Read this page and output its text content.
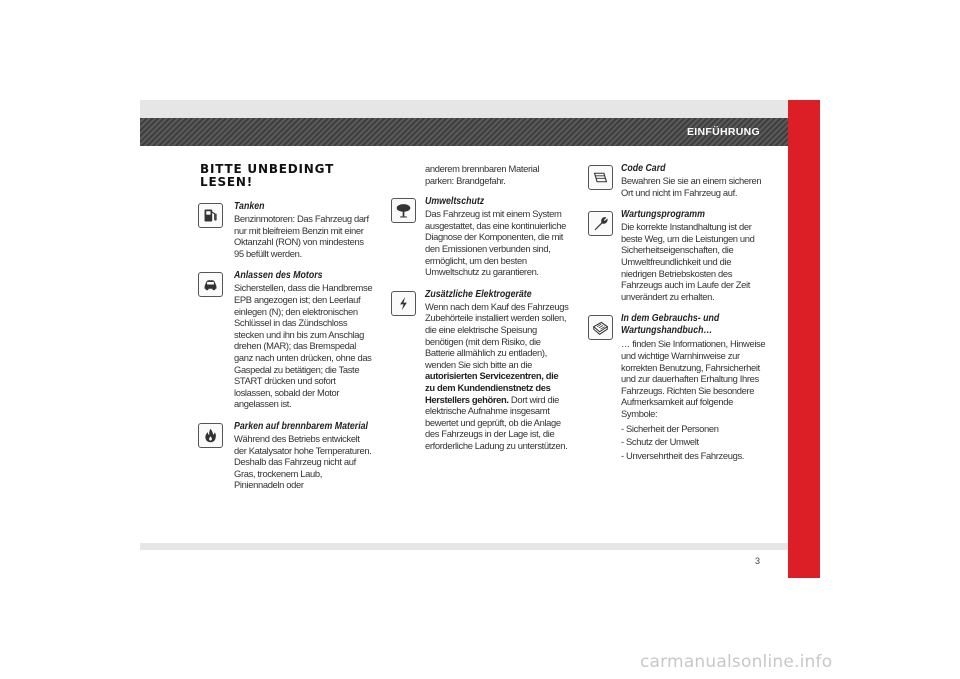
EINFÜHRUNG
3
carmanualsonline.info
BITTE UNBEDINGT
LESEN!
Tanken
Benzinmotoren: Das Fahrzeug darf nur mit bleifreiem Benzin mit einer Oktanzahl (RON) von mindestens 95 befüllt werden.
Anlassen des Motors
Sicherstellen, dass die Handbremse EPB angezogen ist; den Leerlauf einlegen (N); den elektronischen Schlüssel in das Zündschloss stecken und ihn bis zum Anschlag drehen (MAR); das Bremspedal ganz nach unten drücken, ohne das Gaspedal zu betätigen; die Taste START drücken und sofort loslassen, sobald der Motor angelassen ist.
Parken auf brennbarem Material
Während des Betriebs entwickelt der Katalysator hohe Temperaturen. Deshalb das Fahrzeug nicht auf Gras, trockenem Laub, Piniennadeln oder
anderem brennbaren Material parken: Brandgefahr.
Umweltschutz
Das Fahrzeug ist mit einem System ausgestattet, das eine kontinuierliche Diagnose der Komponenten, die mit den Emissionen verbunden sind, ermöglicht, um den besten Umweltschutz zu garantieren.
Zusätzliche Elektrogeräte
Wenn nach dem Kauf des Fahrzeugs Zubehörteile installiert werden sollen, die eine elektrische Speisung benötigen (mit dem Risiko, die Batterie allmählich zu entladen), wenden Sie sich bitte an die autorisierten Servicezentren, die zu dem Kundendienstnetz des Herstellers gehören. Dort wird die elektrische Aufnahme insgesamt bewertet und geprüft, ob die Anlage des Fahrzeugs in der Lage ist, die erforderliche Ladung zu unterstützen.
Code Card
Bewahren Sie sie an einem sicheren Ort und nicht im Fahrzeug auf.
Wartungsprogramm
Die korrekte Instandhaltung ist der beste Weg, um die Leistungen und Sicherheitseigenschaften, die Umweltfreundlichkeit und die niedrigen Betriebskosten des Fahrzeugs auch im Laufe der Zeit unverändert zu erhalten.
In dem Gebrauchs- und
Wartungshandbuch…
… finden Sie Informationen, Hinweise und wichtige Warnhinweise zur korrekten Benutzung, Fahrsicherheit und zur dauerhaften Erhaltung Ihres Fahrzeugs. Richten Sie besondere Aufmerksamkeit auf folgende Symbole:
- Sicherheit der Personen
- Schutz der Umwelt
- Unversehrtheit des Fahrzeugs.
